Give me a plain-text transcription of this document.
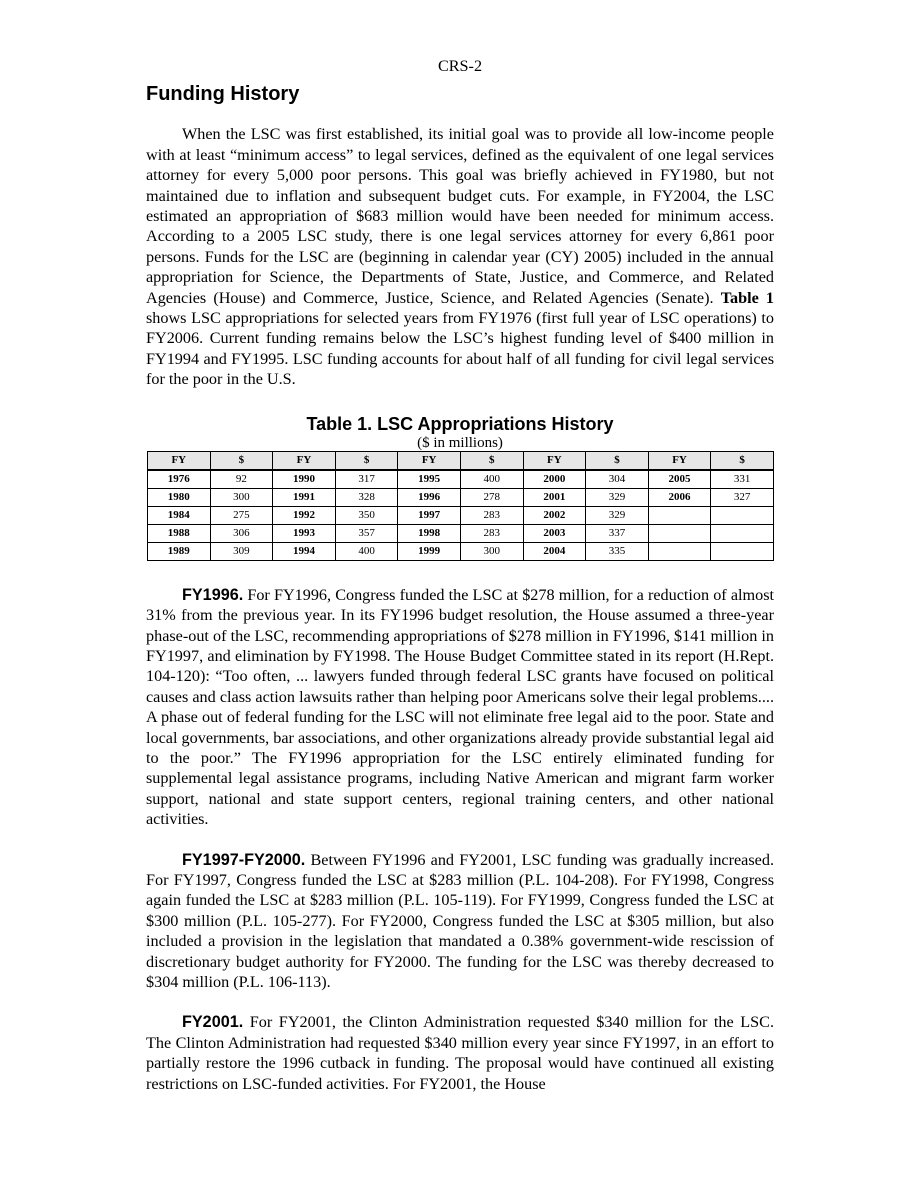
CRS-2
Funding History

When the LSC was first established, its initial goal was to provide all low-income people with at least “minimum access” to legal services, defined as the equivalent of one legal services attorney for every 5,000 poor persons. This goal was briefly achieved in FY1980, but not maintained due to inflation and subsequent budget cuts. For example, in FY2004, the LSC estimated an appropriation of $683 million would have been needed for minimum access. According to a 2005 LSC study, there is one legal services attorney for every 6,861 poor persons. Funds for the LSC are (beginning in calendar year (CY) 2005) included in the annual appropriation for Science, the Departments of State, Justice, and Commerce, and Related Agencies (House) and Commerce, Justice, Science, and Related Agencies (Senate). Table 1 shows LSC appropriations for selected years from FY1976 (first full year of LSC operations) to FY2006. Current funding remains below the LSC’s highest funding level of $400 million in FY1994 and FY1995. LSC funding accounts for about half of all funding for civil legal services for the poor in the U.S.

Table 1. LSC Appropriations History
($ in millions)
FY	$	FY	$	FY	$	FY	$	FY	$
1976	92	1990	317	1995	400	2000	304	2005	331
1980	300	1991	328	1996	278	2001	329	2006	327
1984	275	1992	350	1997	283	2002	329		
1988	306	1993	357	1998	283	2003	337		
1989	309	1994	400	1999	300	2004	335		

FY1996. For FY1996, Congress funded the LSC at $278 million, for a reduction of almost 31% from the previous year. In its FY1996 budget resolution, the House assumed a three-year phase-out of the LSC, recommending appropriations of $278 million in FY1996, $141 million in FY1997, and elimination by FY1998. The House Budget Committee stated in its report (H.Rept. 104-120): “Too often, ... lawyers funded through federal LSC grants have focused on political causes and class action lawsuits rather than helping poor Americans solve their legal problems.... A phase out of federal funding for the LSC will not eliminate free legal aid to the poor. State and local governments, bar associations, and other organizations already provide substantial legal aid to the poor.” The FY1996 appropriation for the LSC entirely eliminated funding for supplemental legal assistance programs, including Native American and migrant farm worker support, national and state support centers, regional training centers, and other national activities.

FY1997-FY2000. Between FY1996 and FY2001, LSC funding was gradually increased. For FY1997, Congress funded the LSC at $283 million (P.L. 104-208). For FY1998, Congress again funded the LSC at $283 million (P.L. 105-119). For FY1999, Congress funded the LSC at $300 million (P.L. 105-277). For FY2000, Congress funded the LSC at $305 million, but also included a provision in the legislation that mandated a 0.38% government-wide rescission of discretionary budget authority for FY2000. The funding for the LSC was thereby decreased to $304 million (P.L. 106-113).

FY2001. For FY2001, the Clinton Administration requested $340 million for the LSC. The Clinton Administration had requested $340 million every year since FY1997, in an effort to partially restore the 1996 cutback in funding. The proposal would have continued all existing restrictions on LSC-funded activities. For FY2001, the House
